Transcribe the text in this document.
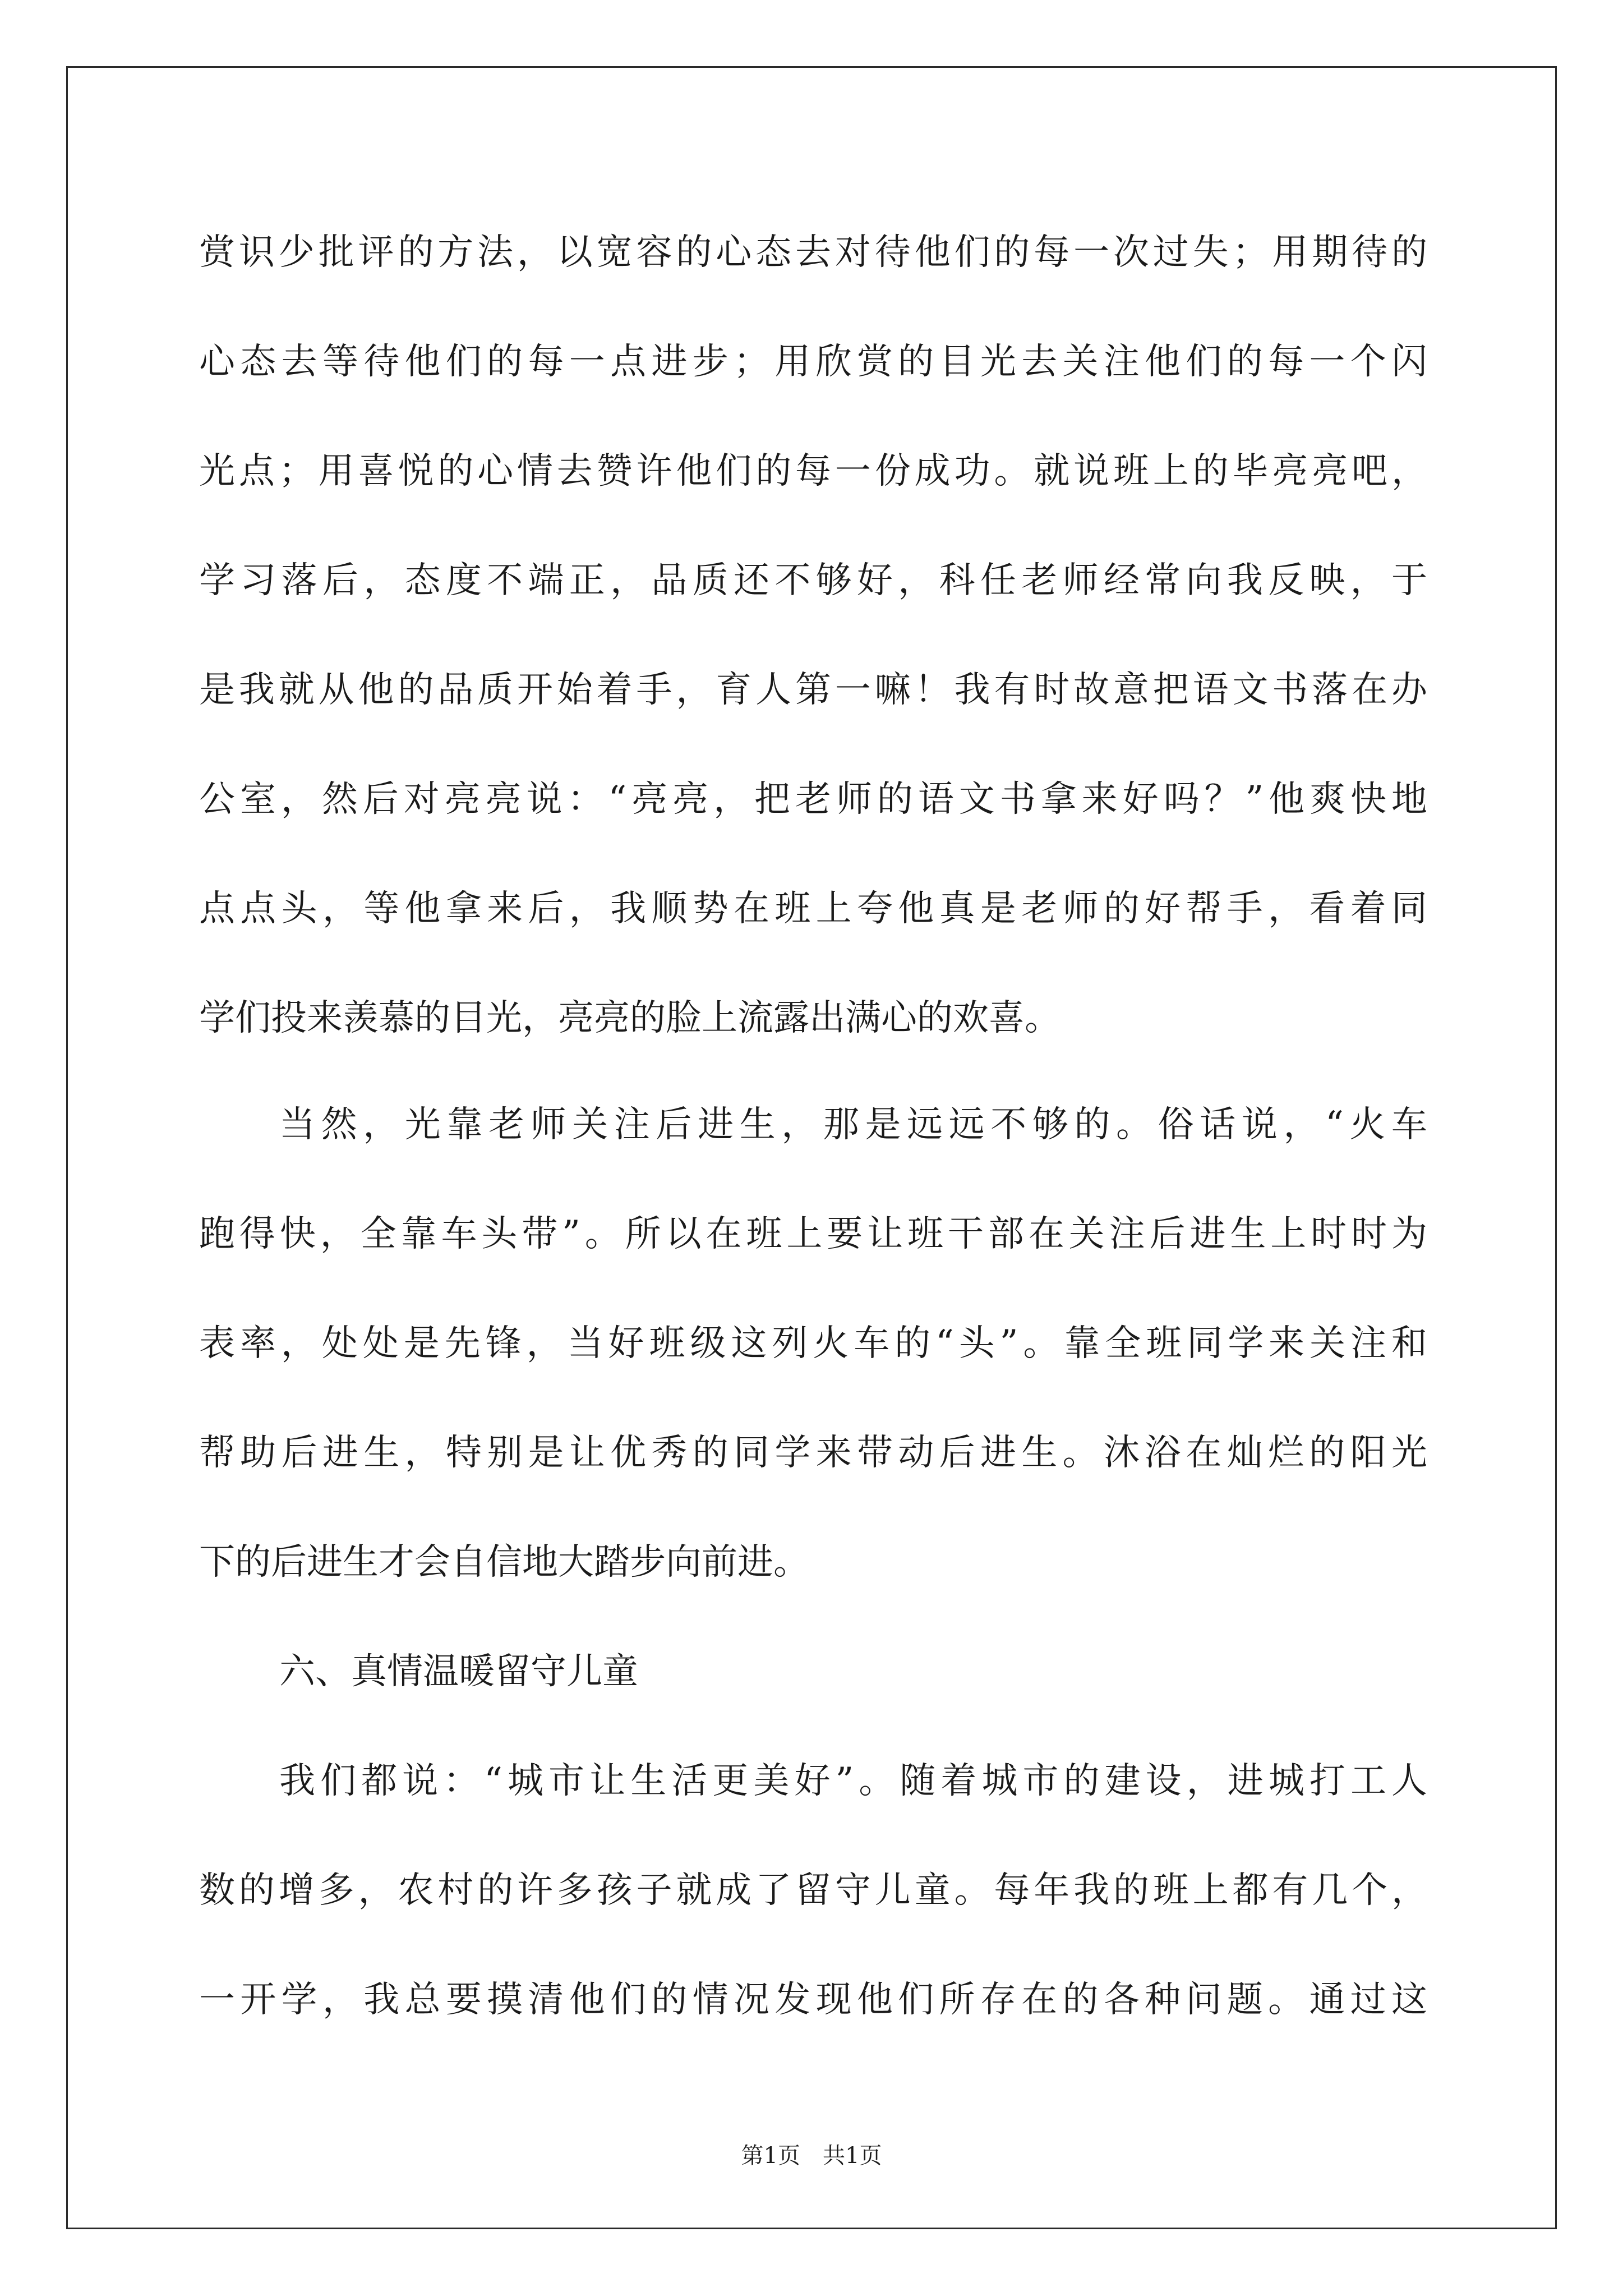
赏识少批评的方法，以宽容的心态去对待他们的每一次过失；用期待的
心态去等待他们的每一点进步；用欣赏的目光去关注他们的每一个闪
光点；用喜悦的心情去赞许他们的每一份成功。就说班上的毕亮亮吧，
学习落后，态度不端正，品质还不够好，科任老师经常向我反映，于
是我就从他的品质开始着手，育人第一嘛！我有时故意把语文书落在办
公室，然后对亮亮说：“亮亮，把老师的语文书拿来好吗？”他爽快地
点点头，等他拿来后，我顺势在班上夸他真是老师的好帮手，看着同
学们投来羡慕的目光，亮亮的脸上流露出满心的欢喜。
当然，光靠老师关注后进生，那是远远不够的。俗话说，“火车
跑得快，全靠车头带”。所以在班上要让班干部在关注后进生上时时为
表率，处处是先锋，当好班级这列火车的“头”。靠全班同学来关注和
帮助后进生，特别是让优秀的同学来带动后进生。沐浴在灿烂的阳光
下的后进生才会自信地大踏步向前进。
六、真情温暖留守儿童
我们都说：“城市让生活更美好”。随着城市的建设，进城打工人
数的增多，农村的许多孩子就成了留守儿童。每年我的班上都有几个，
一开学，我总要摸清他们的情况发现他们所存在的各种问题。通过这
第1页　共1页
